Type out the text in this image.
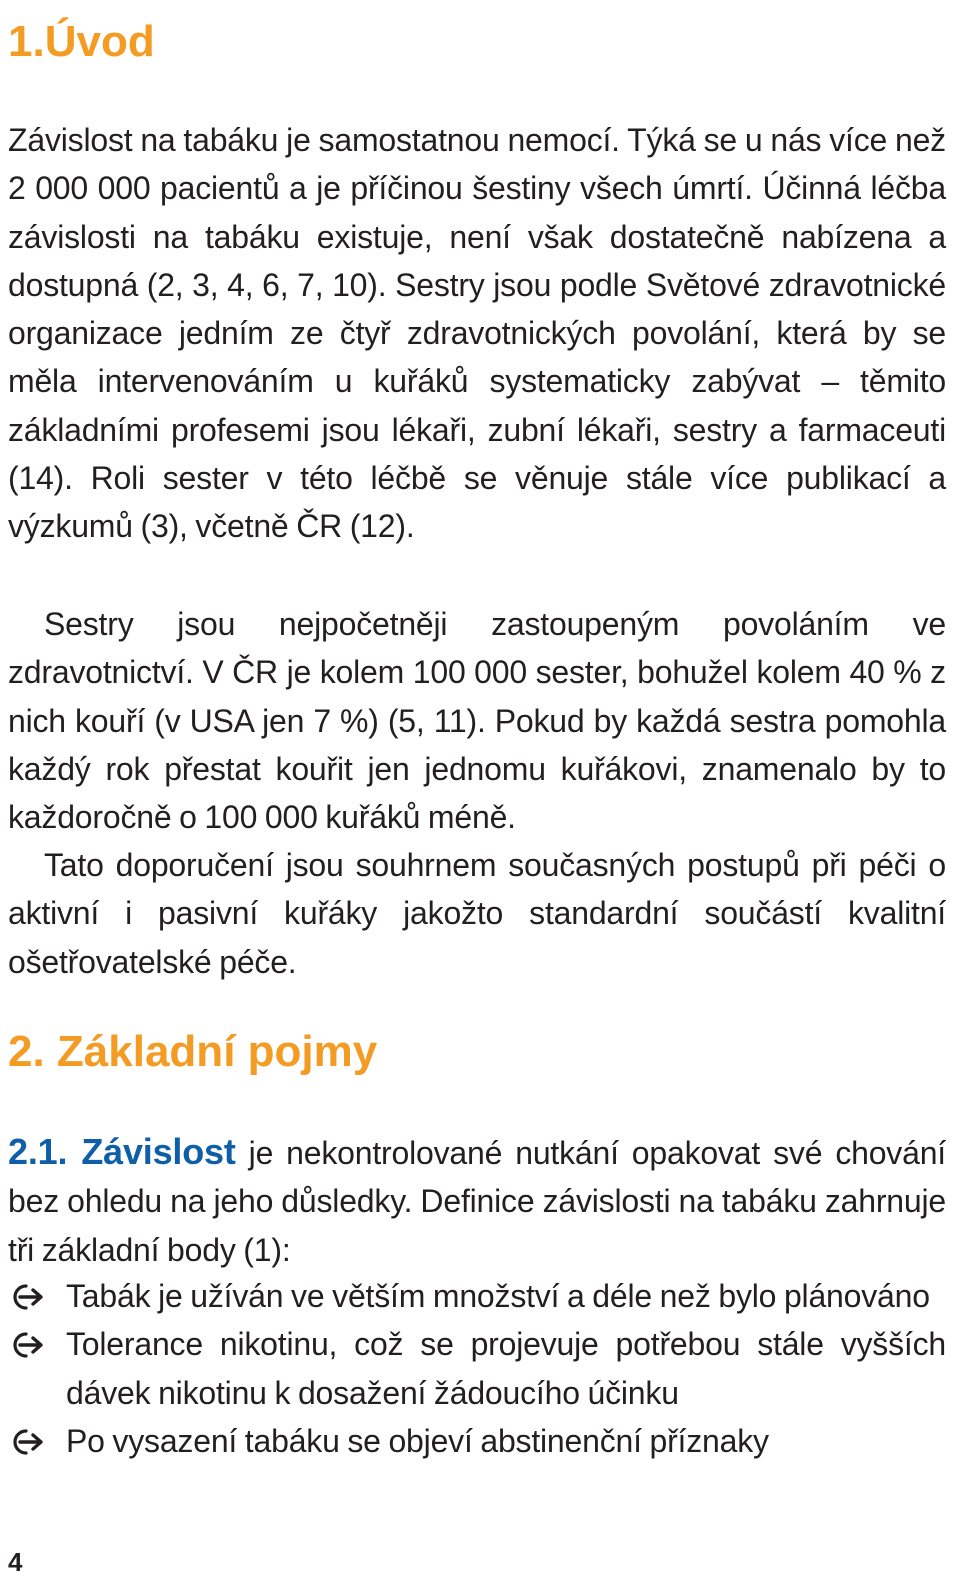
1.Úvod

Závislost na tabáku je samostatnou nemocí. Týká se u nás více než 2 000 000 pacientů a je příčinou šestiny všech úmrtí. Účinná léčba závislosti na tabáku existuje, není však dostatečně nabízena a dostupná (2, 3, 4, 6, 7, 10). Sestry jsou podle Světové zdravotnické organizace jedním ze čtyř zdravotnických povolání, která by se měla intervenováním u kuřáků systematicky zabývat – těmito základními profesemi jsou lékaři, zubní lékaři, sestry a farmaceuti (14). Roli sester v této léčbě se věnuje stále více publikací a výzkumů (3), včetně ČR (12).

Sestry jsou nejpočetněji zastoupeným povoláním ve zdravotnictví. V ČR je kolem 100 000 sester, bohužel kolem 40 % z nich kouří (v USA jen 7 %) (5, 11). Pokud by každá sestra pomohla každý rok přestat kouřit jen jednomu kuřákovi, znamenalo by to každoročně o 100 000 kuřáků méně.

Tato doporučení jsou souhrnem současných postupů při péči o aktivní i pasivní kuřáky jakožto standardní součástí kvalitní ošetřovatelské péče.

2. Základní pojmy

2.1. Závislost je nekontrolované nutkání opakovat své chování bez ohledu na jeho důsledky. Definice závislosti na tabáku zahrnuje tři základní body (1):

Tabák je užíván ve větším množství a déle než bylo plánováno
Tolerance nikotinu, což se projevuje potřebou stále vyšších dávek nikotinu k dosažení žádoucího účinku
Po vysazení tabáku se objeví abstinenční příznaky
4
